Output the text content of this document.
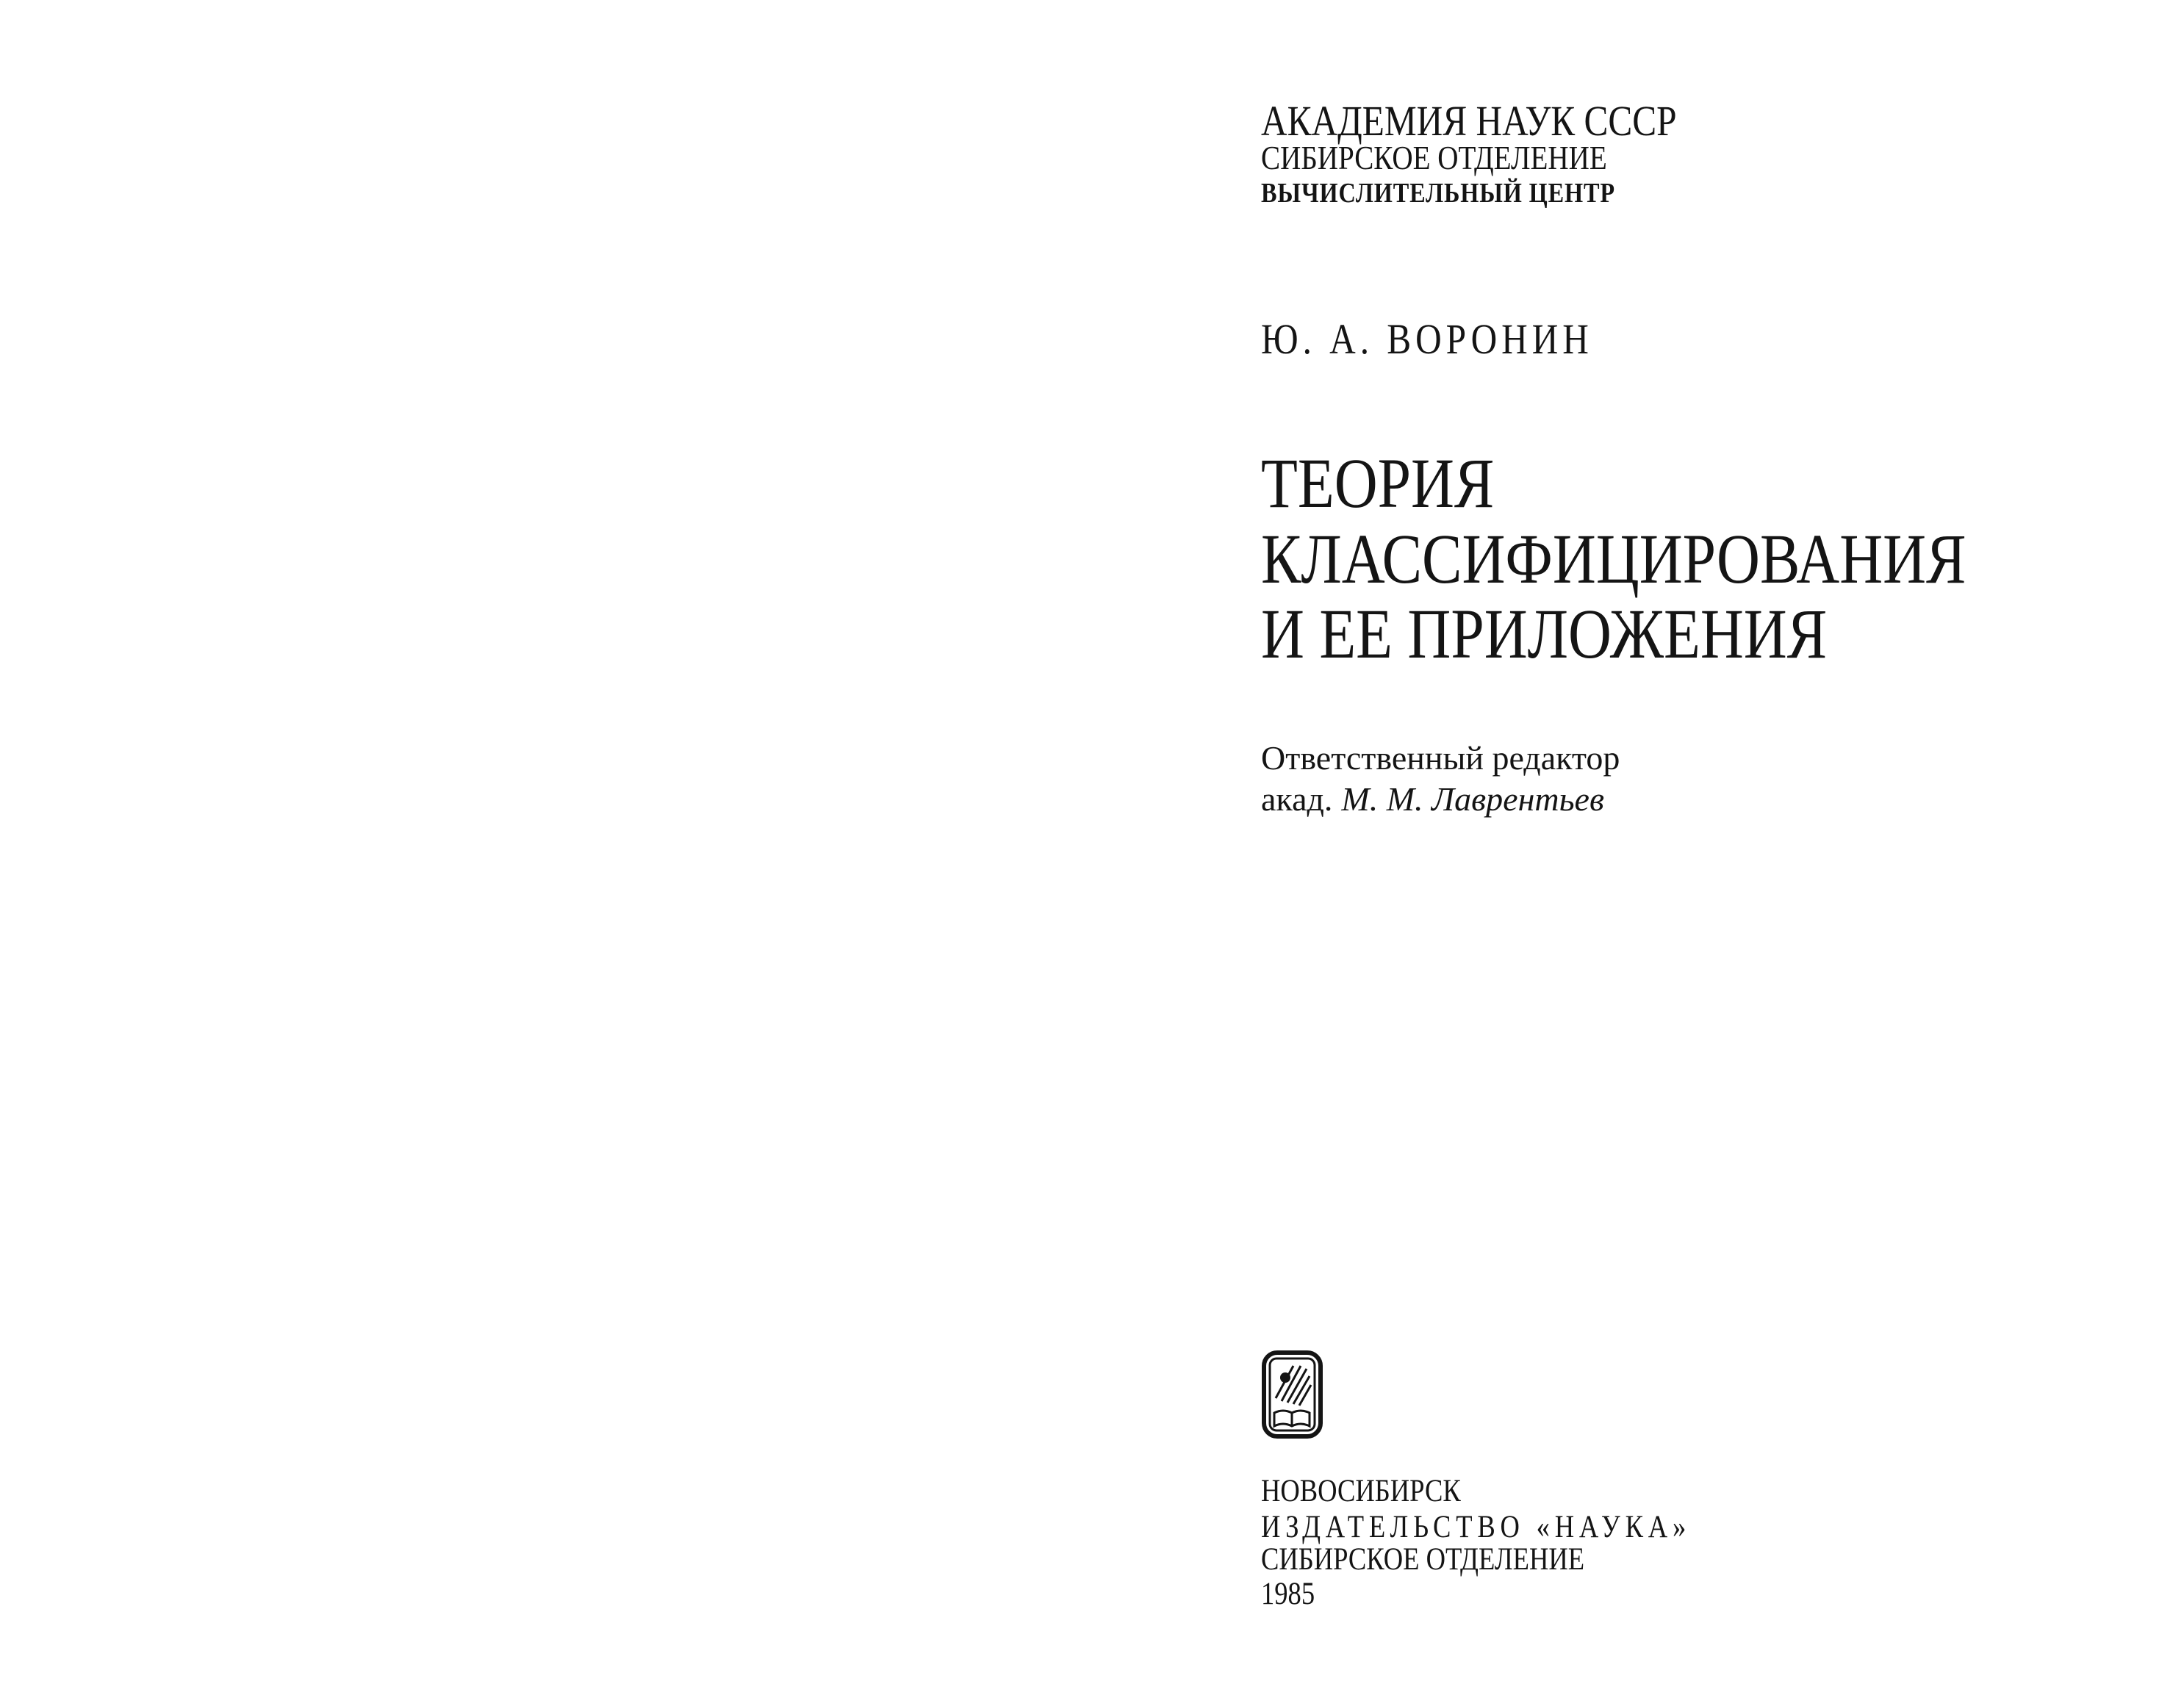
АКАДЕМИЯ НАУК СССР
СИБИРСКОЕ ОТДЕЛЕНИЕ
ВЫЧИСЛИТЕЛЬНЫЙ ЦЕНТР
Ю. А. ВОРОНИН
ТЕОРИЯ
КЛАССИФИЦИРОВАНИЯ
И ЕЕ ПРИЛОЖЕНИЯ
Ответственный редактор
акад. М. М. Лаврентьев
НОВОСИБИРСК
ИЗДАТЕЛЬСТВО «НАУКА»
СИБИРСКОЕ ОТДЕЛЕНИЕ
1985
